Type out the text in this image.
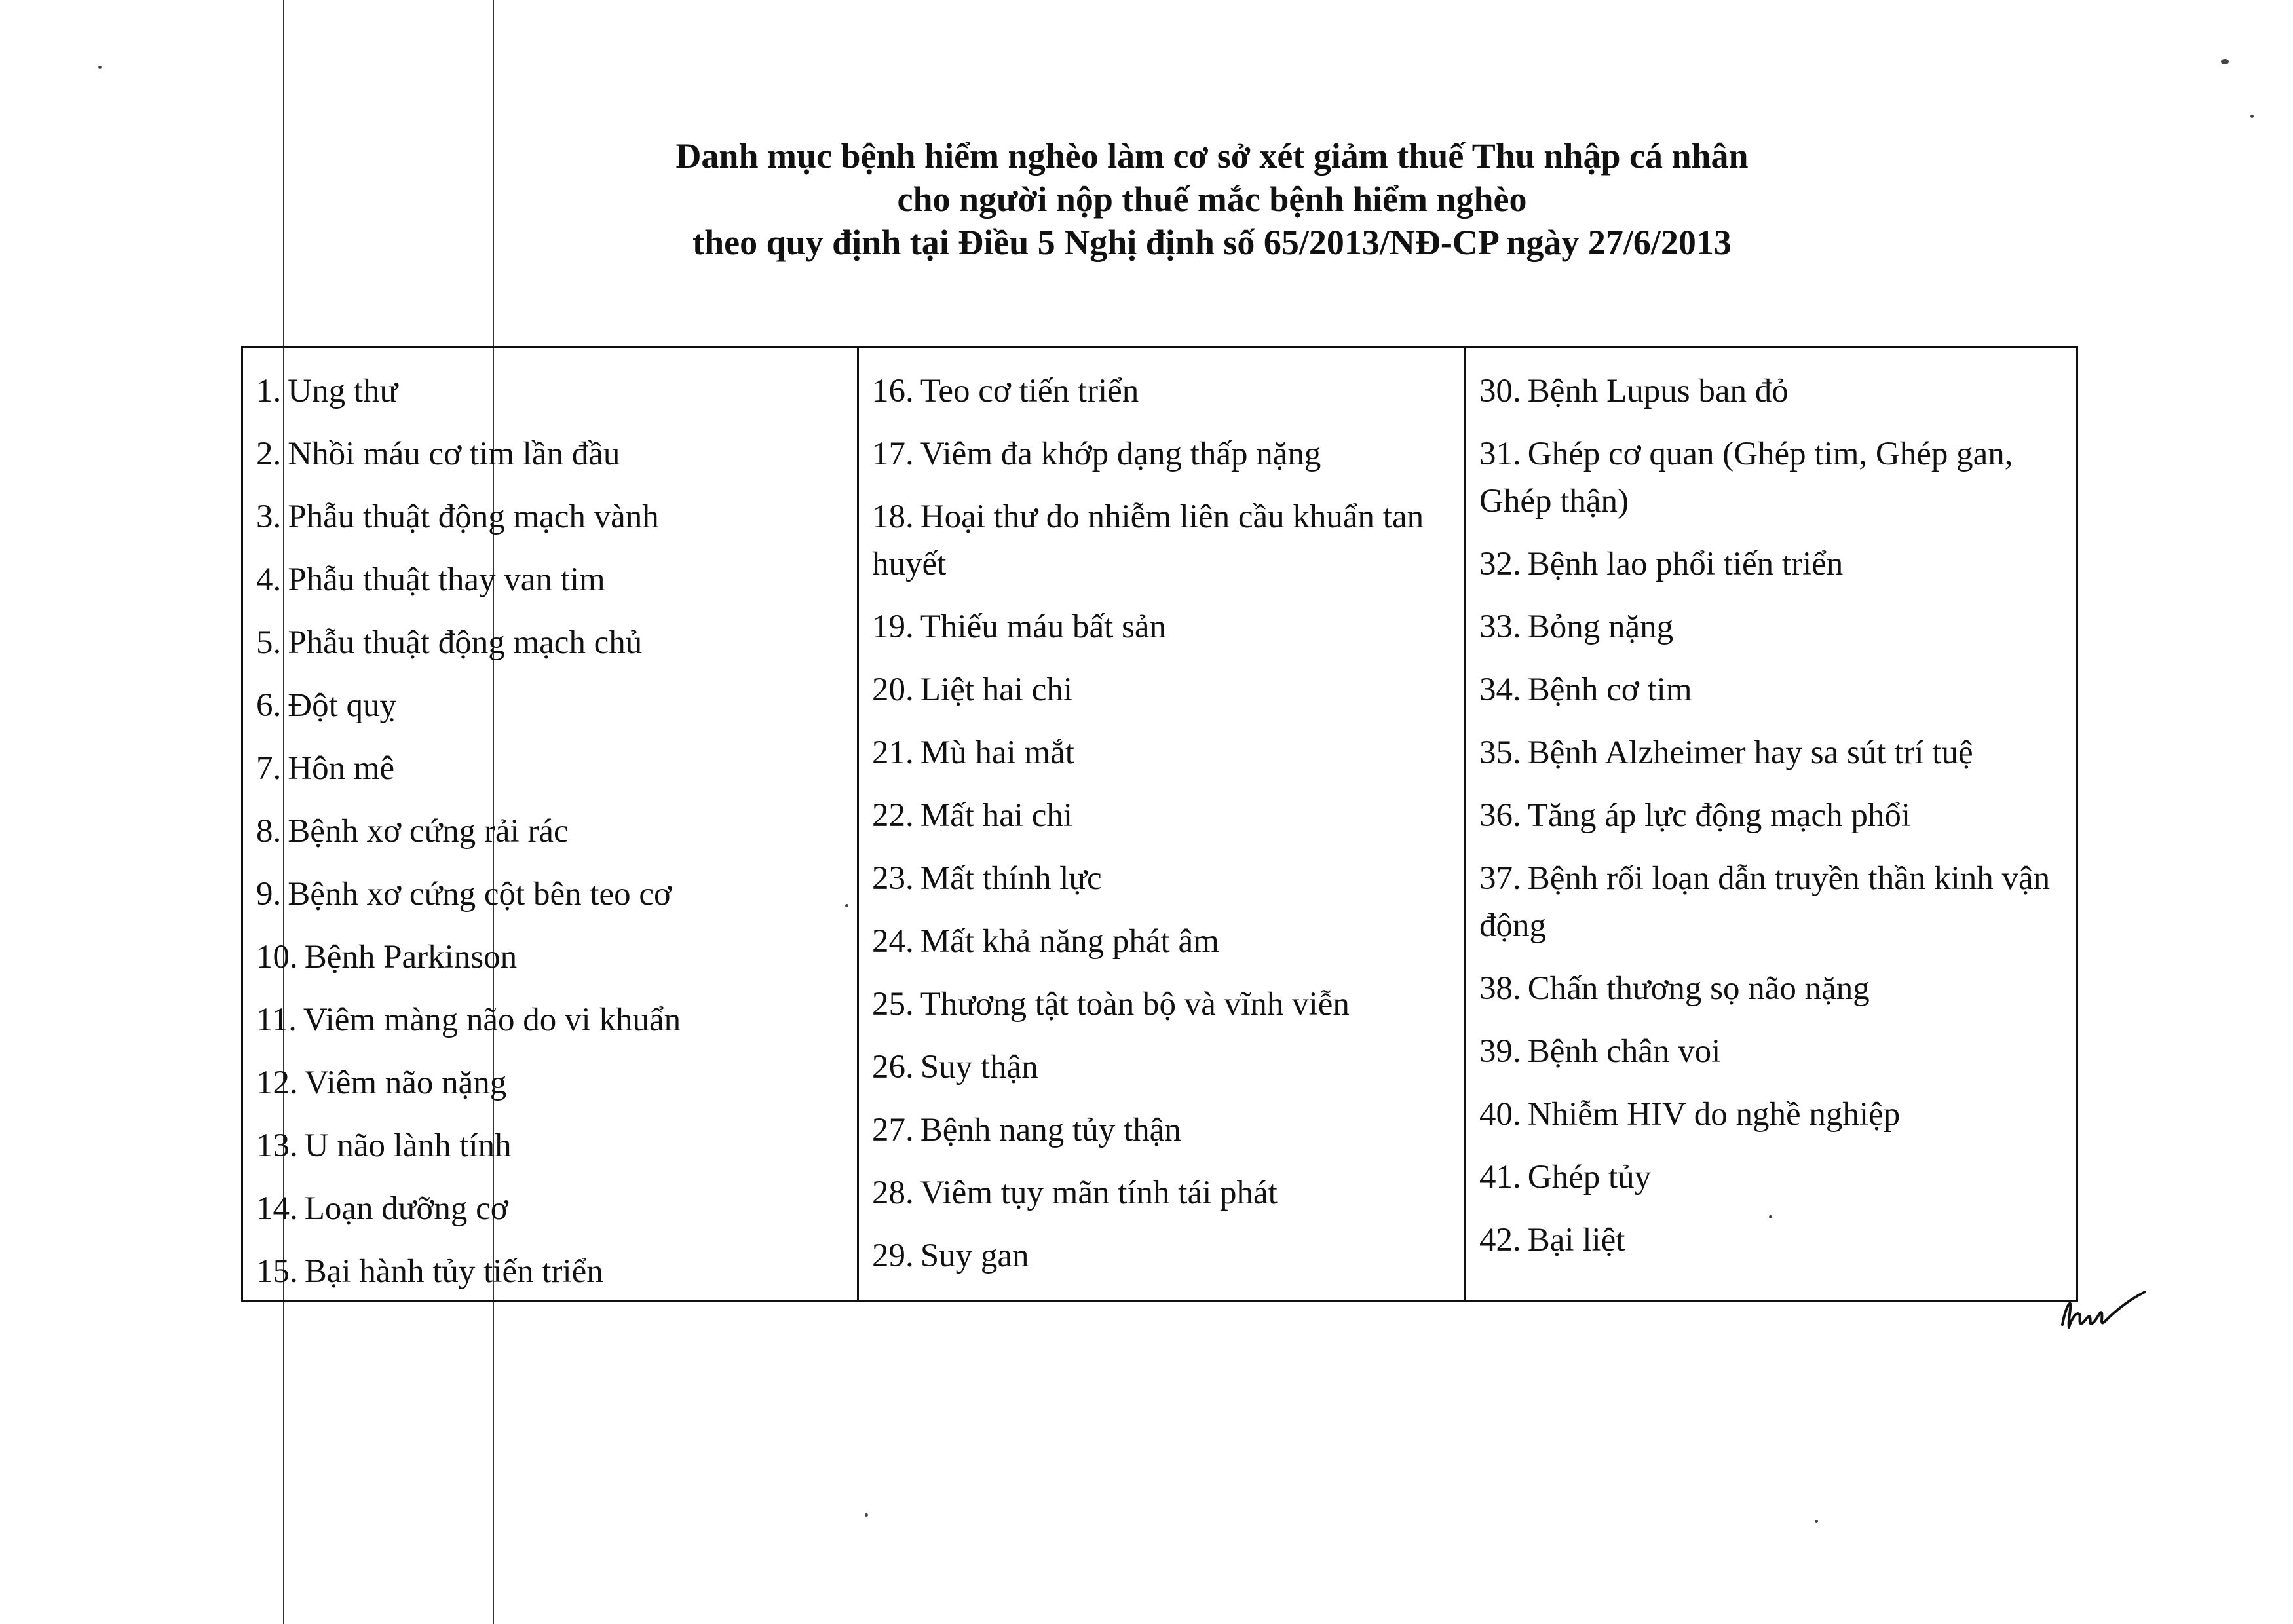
Danh mục bệnh hiểm nghèo làm cơ sở xét giảm thuế Thu nhập cá nhân
cho người nộp thuế mắc bệnh hiểm nghèo
theo quy định tại Điều 5 Nghị định số 65/2013/NĐ-CP ngày 27/6/2013
1. Ung thư
2. Nhồi máu cơ tim lần đầu
3. Phẫu thuật động mạch vành
4. Phẫu thuật thay van tim
5. Phẫu thuật động mạch chủ
6. Đột quỵ
7. Hôn mê
8. Bệnh xơ cứng rải rác
9. Bệnh xơ cứng cột bên teo cơ
10. Bệnh Parkinson
11. Viêm màng não do vi khuẩn
12. Viêm não nặng
13. U não lành tính
14. Loạn dưỡng cơ
15. Bại hành tủy tiến triển
16. Teo cơ tiến triển
17. Viêm đa khớp dạng thấp nặng
18. Hoại thư do nhiễm liên cầu khuẩn tan huyết
19. Thiếu máu bất sản
20. Liệt hai chi
21. Mù hai mắt
22. Mất hai chi
23. Mất thính lực
24. Mất khả năng phát âm
25. Thương tật toàn bộ và vĩnh viễn
26. Suy thận
27. Bệnh nang tủy thận
28. Viêm tụy mãn tính tái phát
29. Suy gan
30. Bệnh Lupus ban đỏ
31. Ghép cơ quan (Ghép tim, Ghép gan, Ghép thận)
32. Bệnh lao phổi tiến triển
33. Bỏng nặng
34. Bệnh cơ tim
35. Bệnh Alzheimer hay sa sút trí tuệ
36. Tăng áp lực động mạch phổi
37. Bệnh rối loạn dẫn truyền thần kinh vận động
38. Chấn thương sọ não nặng
39. Bệnh chân voi
40. Nhiễm HIV do nghề nghiệp
41. Ghép tủy
42. Bại liệt
